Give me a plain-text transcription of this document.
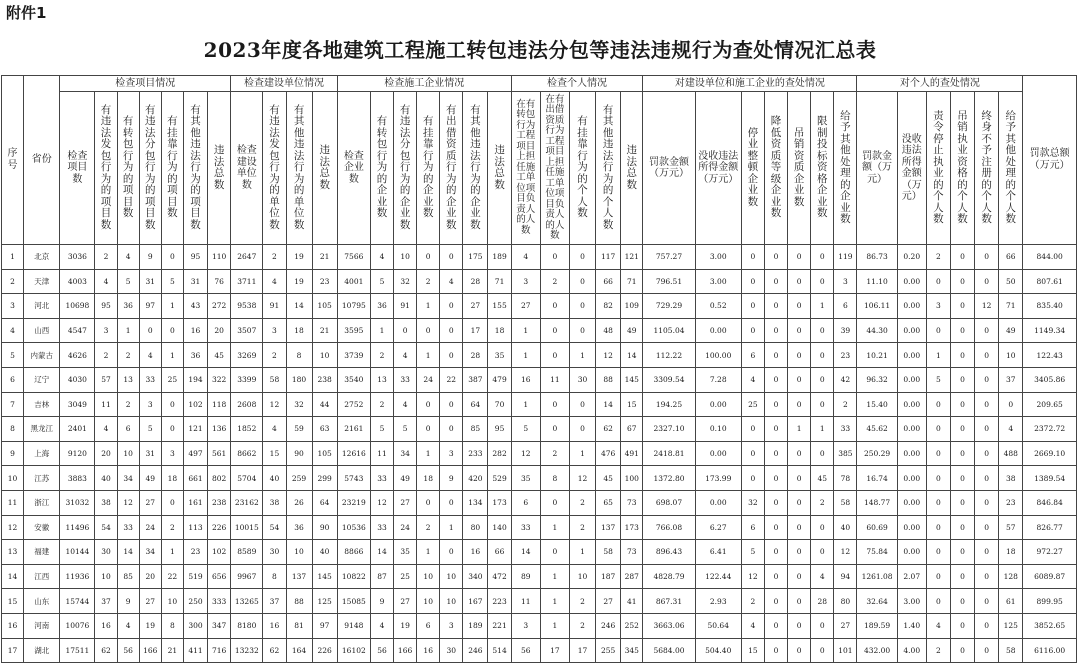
附件1
2023年度各地建筑工程施工转包违法分包等违法违规行为查处情况汇总表
序号	省份	检查项目情况							检查建设单位情况				检查施工企业情况							检查个人情况					对建设单位和施工企业的查处情况							对个人的查处情况						罚款总额（万元）

		检查项目数	有违法发包行为的项目数	有转包行为的项目数	有违法分包行为的项目数	有挂靠行为的项目数	有其他违法行为的项目数	违法总数	检查建设单位数	有违法发包行为的单位数	有其他违法行为的单位数	违法总数	检查企业数	有转包行为的企业数	有违法分包行为的企业数	有挂靠行为的企业数	有出借资质行为的企业数	有其他违法行为的企业数	违法总数	在有转包行为工程项目上担任施工单位项目负责人的人数	在有出借资质行为工程项目上担任施工单位项目负责人的人数	有挂靠行为的个人数	有其他违法行为的个人数	违法总数	罚款金额（万元）	没收违法所得金额（万元）	停业整顿企业数	降低资质等级企业数	吊销资质企业数	限制投标资格企业数	给予其他处理的企业数	罚款金额（万元）	没收违法所得金额（万元）	责令停止执业的个人数	吊销执业资格的个人数	终身不予注册的个人数	给予其他处理的个人数	

1	北京	3036	2	4	9	0	95	110	2647	2	19	21	7566	4	10	0	0	175	189	4	0	0	117	121	757.27	3.00	0	0	0	0	119	86.73	0.20	2	0	0	66	844.00
2	天津	4003	4	5	31	5	31	76	3711	4	19	23	4001	5	32	2	4	28	71	3	2	0	66	71	796.51	3.00	0	0	0	0	3	11.10	0.00	0	0	0	50	807.61
3	河北	10698	95	36	97	1	43	272	9538	91	14	105	10795	36	91	1	0	27	155	27	0	0	82	109	729.29	0.52	0	0	0	1	6	106.11	0.00	3	0	12	71	835.40
4	山西	4547	3	1	0	0	16	20	3507	3	18	21	3595	1	0	0	0	17	18	1	0	0	48	49	1105.04	0.00	0	0	0	0	39	44.30	0.00	0	0	0	49	1149.34
5	内蒙古	4626	2	2	4	1	36	45	3269	2	8	10	3739	2	4	1	0	28	35	1	0	1	12	14	112.22	100.00	6	0	0	0	23	10.21	0.00	1	0	0	10	122.43
6	辽宁	4030	57	13	33	25	194	322	3399	58	180	238	3540	13	33	24	22	387	479	16	11	30	88	145	3309.54	7.28	4	0	0	0	42	96.32	0.00	5	0	0	37	3405.86
7	吉林	3049	11	2	3	0	102	118	2608	12	32	44	2752	2	4	0	0	64	70	1	0	0	14	15	194.25	0.00	25	0	0	0	2	15.40	0.00	0	0	0	0	209.65
8	黑龙江	2401	4	6	5	0	121	136	1852	4	59	63	2161	5	5	0	0	85	95	5	0	0	62	67	2327.10	0.10	0	0	1	1	33	45.62	0.00	0	0	0	4	2372.72
9	上海	9120	20	10	31	3	497	561	8662	15	90	105	12616	11	34	1	3	233	282	12	2	1	476	491	2418.81	0.00	0	0	0	0	385	250.29	0.00	0	0	0	488	2669.10
10	江苏	3883	40	34	49	18	661	802	5704	40	259	299	5743	33	49	18	9	420	529	35	8	12	45	100	1372.80	173.99	0	0	0	45	78	16.74	0.00	0	0	0	38	1389.54
11	浙江	31032	38	12	27	0	161	238	23162	38	26	64	23219	12	27	0	0	134	173	6	0	2	65	73	698.07	0.00	32	0	0	2	58	148.77	0.00	0	0	0	23	846.84
12	安徽	11496	54	33	24	2	113	226	10015	54	36	90	10536	33	24	2	1	80	140	33	1	2	137	173	766.08	6.27	6	0	0	0	40	60.69	0.00	0	0	0	57	826.77
13	福建	10144	30	14	34	1	23	102	8589	30	10	40	8866	14	35	1	0	16	66	14	0	1	58	73	896.43	6.41	5	0	0	0	12	75.84	0.00	0	0	0	18	972.27
14	江西	11936	10	85	20	22	519	656	9967	8	137	145	10822	87	25	10	10	340	472	89	1	10	187	287	4828.79	122.44	12	0	0	4	94	1261.08	2.07	0	0	0	128	6089.87
15	山东	15744	37	9	27	10	250	333	13265	37	88	125	15085	9	27	10	10	167	223	11	1	2	27	41	867.31	2.93	2	0	0	28	80	32.64	3.00	0	0	0	61	899.95
16	河南	10076	16	4	19	8	300	347	8180	16	81	97	9148	4	19	6	3	189	221	3	1	2	246	252	3663.06	50.64	4	0	0	0	27	189.59	1.40	4	0	0	125	3852.65
17	湖北	17511	62	56	166	21	411	716	13232	62	164	226	16102	56	166	16	30	246	514	56	17	17	255	345	5684.00	504.40	15	0	0	0	101	432.00	4.00	2	0	0	58	6116.00
